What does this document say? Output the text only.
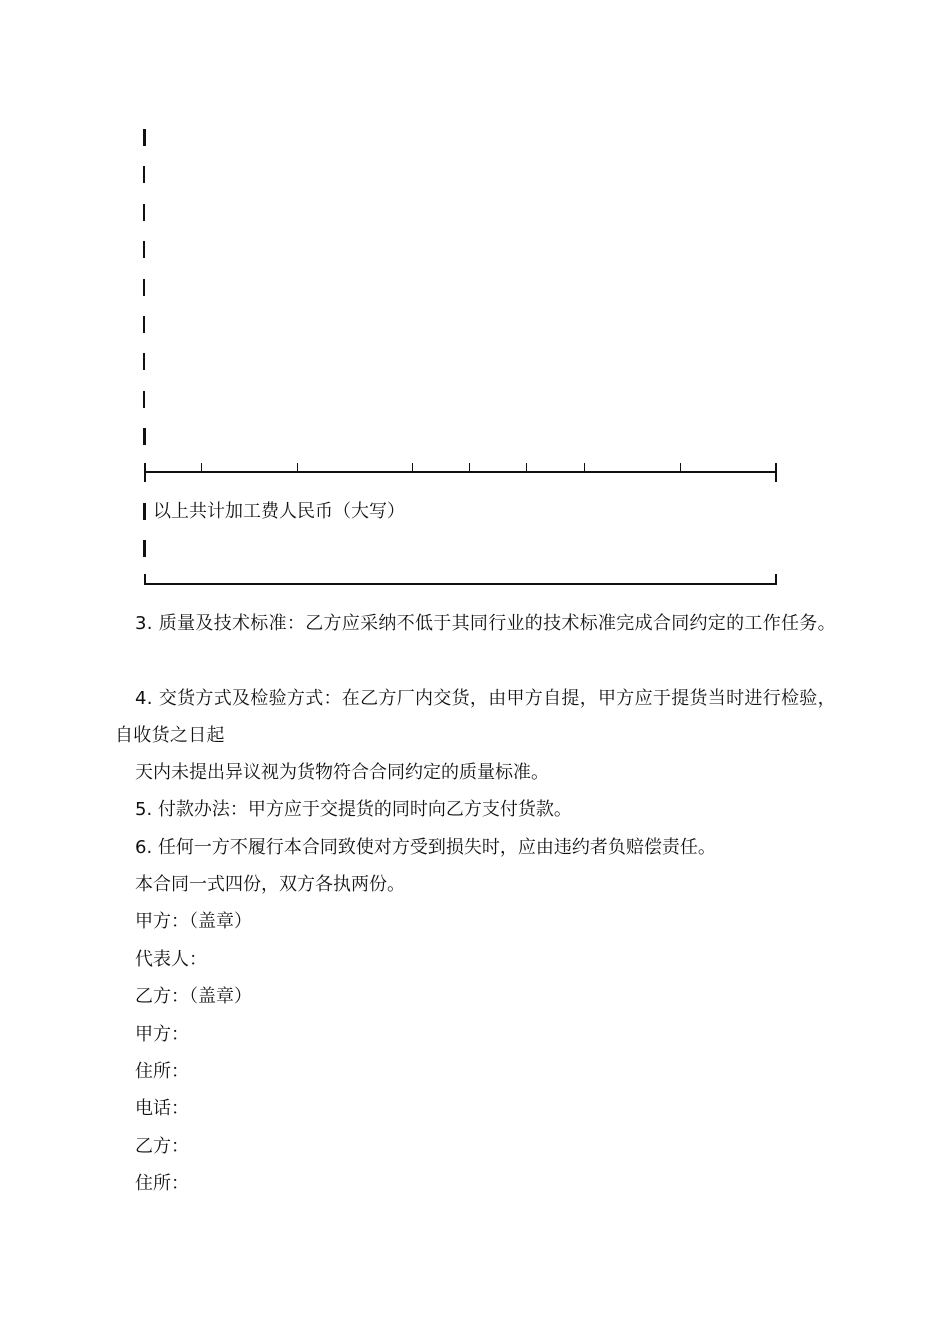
以上共计加工费人民币（大写）
3. 质量及技术标准：乙方应采纳不低于其同行业的技术标准完成合同约定的工作任务。
4. 交货方式及检验方式：在乙方厂内交货，由甲方自提，甲方应于提货当时进行检验，自收货之日起
天内未提出异议视为货物符合合同约定的质量标准。
5. 付款办法：甲方应于交提货的同时向乙方支付货款。
6. 任何一方不履行本合同致使对方受到损失时，应由违约者负赔偿责任。
本合同一式四份，双方各执两份。
甲方：（盖章）
代表人：
乙方：（盖章）
甲方：
住所：
电话：
乙方：
住所：
